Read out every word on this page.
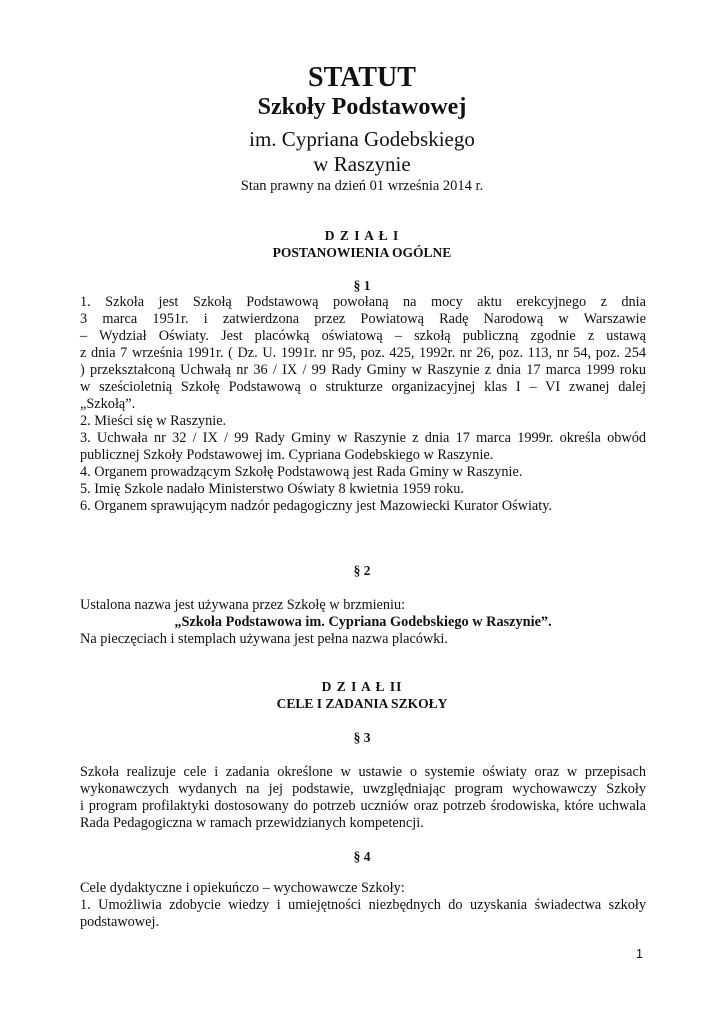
STATUT
Szkoły Podstawowej
im. Cypriana Godebskiego
w Raszynie
Stan prawny na dzień 01 września 2014 r.
D Z I A Ł I
POSTANOWIENIA OGÓLNE
§ 1
1. Szkoła jest Szkołą Podstawową powołaną na mocy aktu erekcyjnego z dnia
3 marca 1951r. i zatwierdzona przez Powiatową Radę Narodową w Warszawie
– Wydział Oświaty. Jest placówką oświatową – szkołą publiczną zgodnie z ustawą
z dnia 7 września 1991r. ( Dz. U. 1991r. nr 95, poz. 425, 1992r. nr 26, poz. 113, nr 54, poz. 254
) przekształconą Uchwałą nr 36 / IX / 99 Rady Gminy w Raszynie z dnia 17 marca 1999 roku
w sześcioletnią Szkołę Podstawową o strukturze organizacyjnej klas I – VI zwanej dalej
„Szkołą”.
2. Mieści się w Raszynie.
3. Uchwała nr 32 / IX / 99 Rady Gminy w Raszynie z dnia 17 marca 1999r. określa obwód
publicznej Szkoły Podstawowej im. Cypriana Godebskiego w Raszynie.
4. Organem prowadzącym Szkołę Podstawową jest Rada Gminy w Raszynie.
5. Imię Szkole nadało Ministerstwo Oświaty 8 kwietnia 1959 roku.
6. Organem sprawującym nadzór pedagogiczny jest Mazowiecki Kurator Oświaty.
§ 2
Ustalona nazwa jest używana przez Szkołę w brzmieniu:
„Szkoła Podstawowa im. Cypriana Godebskiego w Raszynie”.
Na pieczęciach i stemplach używana jest pełna nazwa placówki.
D Z I A Ł II
CELE I ZADANIA SZKOŁY
§ 3
Szkoła realizuje cele i zadania określone w ustawie o systemie oświaty oraz w przepisach
wykonawczych wydanych na jej podstawie, uwzględniając program wychowawczy Szkoły
i program profilaktyki dostosowany do potrzeb uczniów oraz potrzeb środowiska, które uchwala
Rada Pedagogiczna w ramach przewidzianych kompetencji.
§ 4
Cele dydaktyczne i opiekuńczo – wychowawcze Szkoły:
1. Umożliwia zdobycie wiedzy i umiejętności niezbędnych do uzyskania świadectwa szkoły
podstawowej.
1
